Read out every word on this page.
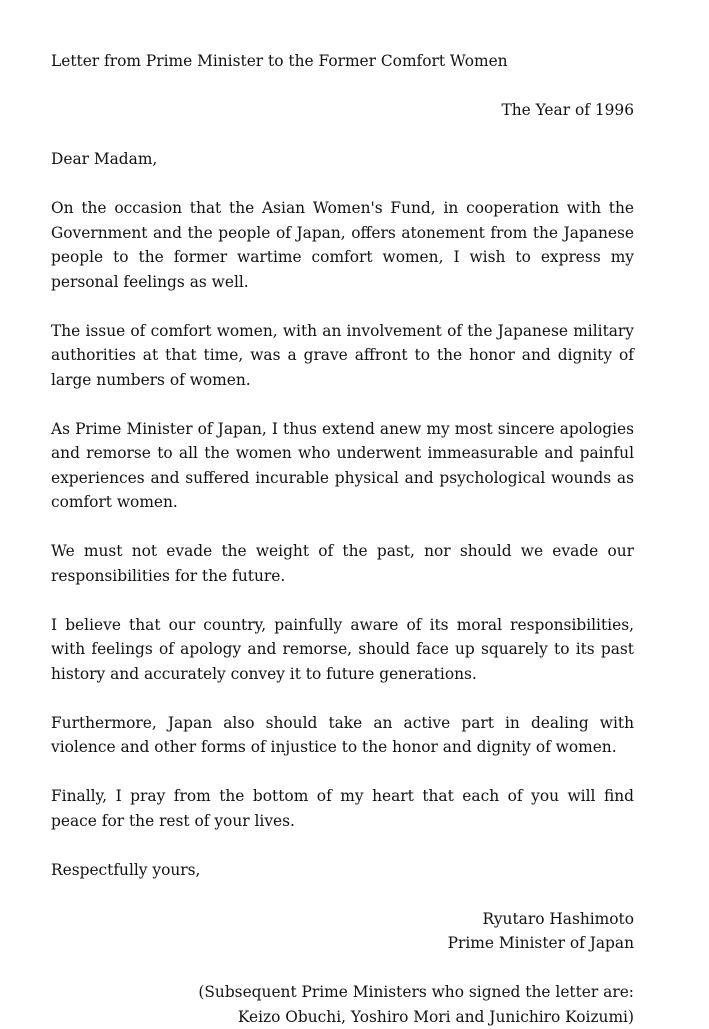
Letter from Prime Minister to the Former Comfort Women
The Year of 1996
Dear Madam,

On the occasion that the Asian Women's Fund, in cooperation with the Government and the people of Japan, offers atonement from the Japanese people to the former wartime comfort women, I wish to express my personal feelings as well.

The issue of comfort women, with an involvement of the Japanese military authorities at that time, was a grave affront to the honor and dignity of large numbers of women.

As Prime Minister of Japan, I thus extend anew my most sincere apologies and remorse to all the women who underwent immeasurable and painful experiences and suffered incurable physical and psychological wounds as comfort women.

We must not evade the weight of the past, nor should we evade our responsibilities for the future.

I believe that our country, painfully aware of its moral responsibilities, with feelings of apology and remorse, should face up squarely to its past history and accurately convey it to future generations.

Furthermore, Japan also should take an active part in dealing with violence and other forms of injustice to the honor and dignity of women.

Finally, I pray from the bottom of my heart that each of you will find peace for the rest of your lives.

Respectfully yours,
Ryutaro Hashimoto
Prime Minister of Japan
(Subsequent Prime Ministers who signed the letter are:
Keizo Obuchi, Yoshiro Mori and Junichiro Koizumi)
